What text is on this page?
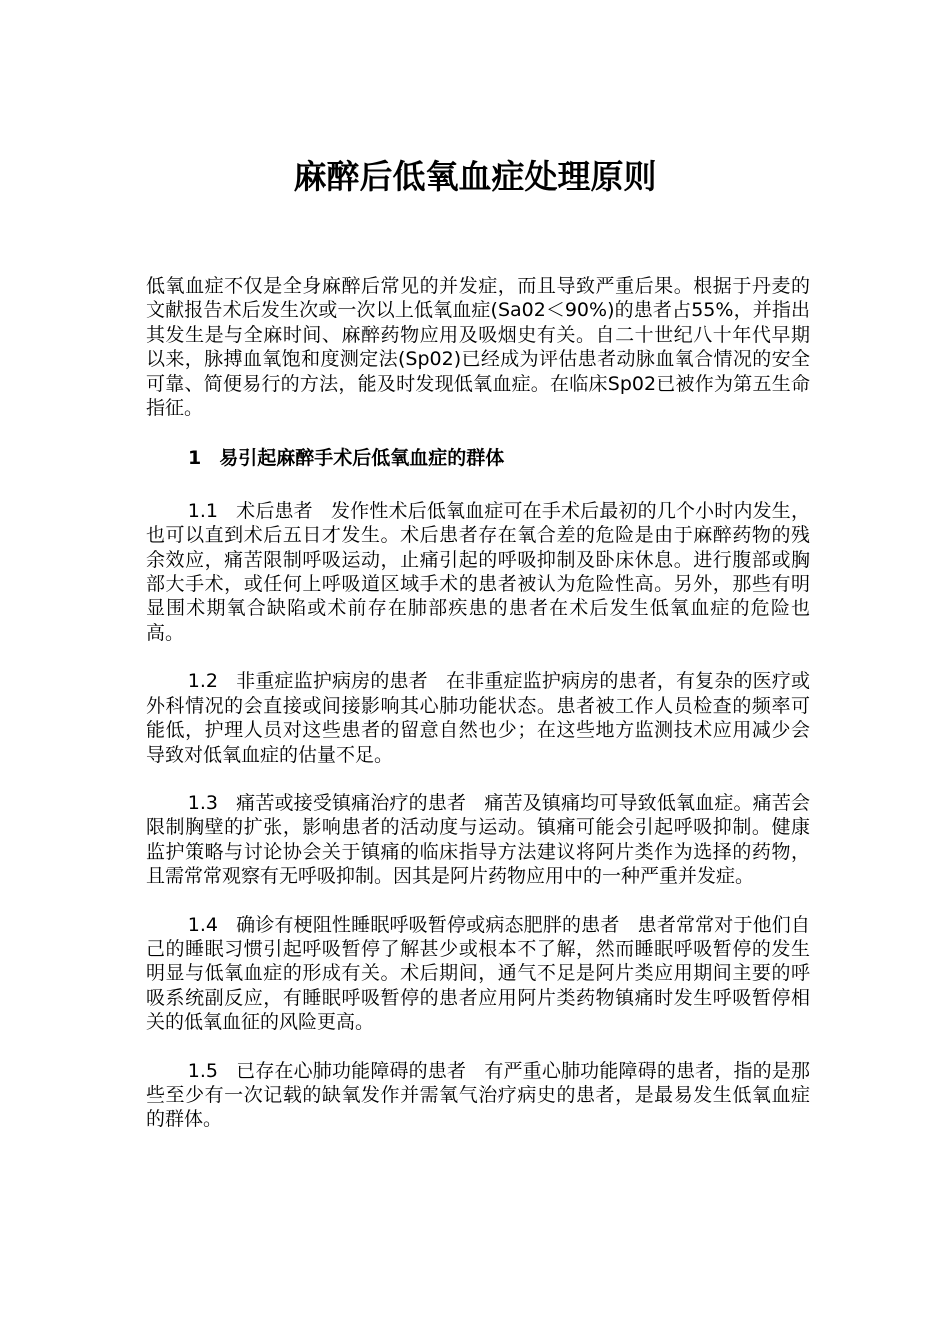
麻醉后低氧血症处理原则

低氧血症不仅是全身麻醉后常见的并发症，而且导致严重后果。根据于丹麦的文献报告术后发生次或一次以上低氧血症(Sa02＜90%)的患者占55%，并指出其发生是与全麻时间、麻醉药物应用及吸烟史有关。自二十世纪八十年代早期以来，脉搏血氧饱和度测定法(Sp02)已经成为评估患者动脉血氧合情况的安全可靠、简便易行的方法，能及时发现低氧血症。在临床Sp02已被作为第五生命指征。

1 易引起麻醉手术后低氧血症的群体

1.1 术后患者 发作性术后低氧血症可在手术后最初的几个小时内发生，也可以直到术后五日才发生。术后患者存在氧合差的危险是由于麻醉药物的残余效应，痛苦限制呼吸运动，止痛引起的呼吸抑制及卧床休息。进行腹部或胸部大手术，或任何上呼吸道区域手术的患者被认为危险性高。另外，那些有明显围术期氧合缺陷或术前存在肺部疾患的患者在术后发生低氧血症的危险也高。

1.2 非重症监护病房的患者 在非重症监护病房的患者，有复杂的医疗或外科情况的会直接或间接影响其心肺功能状态。患者被工作人员检查的频率可能低，护理人员对这些患者的留意自然也少；在这些地方监测技术应用减少会导致对低氧血症的估量不足。

1.3 痛苦或接受镇痛治疗的患者 痛苦及镇痛均可导致低氧血症。痛苦会限制胸壁的扩张，影响患者的活动度与运动。镇痛可能会引起呼吸抑制。健康监护策略与讨论协会关于镇痛的临床指导方法建议将阿片类作为选择的药物，且需常常观察有无呼吸抑制。因其是阿片药物应用中的一种严重并发症。

1.4 确诊有梗阻性睡眠呼吸暂停或病态肥胖的患者 患者常常对于他们自己的睡眠习惯引起呼吸暂停了解甚少或根本不了解，然而睡眠呼吸暂停的发生明显与低氧血症的形成有关。术后期间，通气不足是阿片类应用期间主要的呼吸系统副反应，有睡眠呼吸暂停的患者应用阿片类药物镇痛时发生呼吸暂停相关的低氧血征的风险更高。

1.5 已存在心肺功能障碍的患者 有严重心肺功能障碍的患者，指的是那些至少有一次记载的缺氧发作并需氧气治疗病史的患者，是最易发生低氧血症的群体。
